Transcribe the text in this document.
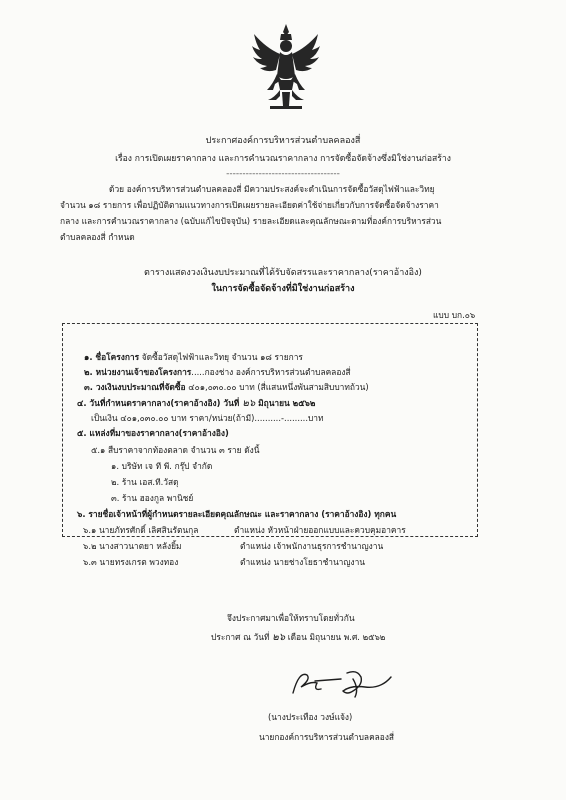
ประกาศองค์การบริหารส่วนตำบลคลองสี่
เรื่อง การเปิดเผยราคากลาง และการคำนวณราคากลาง การจัดซื้อจัดจ้างซึ่งมิใช่งานก่อสร้าง
-----------------------------------
ด้วย องค์การบริหารส่วนตำบลคลองสี่ มีความประสงค์จะดำเนินการจัดซื้อวัสดุไฟฟ้าและวิทยุ
จำนวน ๑๘ รายการ เพื่อปฏิบัติตามแนวทางการเปิดเผยรายละเอียดค่าใช้จ่ายเกี่ยวกับการจัดซื้อจัดจ้างราคา
กลาง และการคำนวณราคากลาง (ฉบับแก้ไขปัจจุบัน) รายละเอียดและคุณลักษณะตามที่องค์การบริหารส่วน
ตำบลคลองสี่ กำหนด
ตารางแสดงวงเงินงบประมาณที่ได้รับจัดสรรและราคากลาง(ราคาอ้างอิง)
ในการจัดซื้อจัดจ้างที่มิใช่งานก่อสร้าง
แบบ บก.๐๖
๑. ชื่อโครงการ จัดซื้อวัสดุไฟฟ้าและวิทยุ จำนวน ๑๘ รายการ
๒. หน่วยงานเจ้าของโครงการ.....กองช่าง องค์การบริหารส่วนตำบลคลองสี่
๓. วงเงินงบประมาณที่จัดซื้อ ๔๐๑,๐๓๐.๐๐ บาท (สี่แสนหนึ่งพันสามสิบบาทถ้วน)
๔. วันที่กำหนดราคากลาง(ราคาอ้างอิง) วันที่ ๒๖ มิถุนายน ๒๕๖๒
เป็นเงิน ๔๐๑,๐๓๐.๐๐ บาท ราคา/หน่วย(ถ้ามี)..........-.........บาท
๕. แหล่งที่มาของราคากลาง(ราคาอ้างอิง)
๕.๑ สืบราคาจากท้องตลาด จำนวน ๓ ราย ดังนี้
๑. บริษัท เจ ที พี. กรุ๊ป จำกัด
๒. ร้าน เอส.ที.วัสดุ
๓. ร้าน ฮองกูล พานิชย์
๖. รายชื่อเจ้าหน้าที่ผู้กำหนดรายละเอียดคุณลักษณะ และราคากลาง (ราคาอ้างอิง) ทุกคน
๖.๑ นายภัทรศักดิ์ เลิศสินรัตนกุล	ตำแหน่ง หัวหน้าฝ่ายออกแบบและควบคุมอาคาร
๖.๒ นางสาวนาตยา หลังยิ้ม	ตำแหน่ง เจ้าพนักงานธุรการชำนาญงาน
๖.๓ นายทรงเกรต พวงทอง	ตำแหน่ง นายช่างโยธาชำนาญงาน
จึงประกาศมาเพื่อให้ทราบโดยทั่วกัน
ประกาศ ณ วันที่ ๒๖ เดือน มิถุนายน พ.ศ. ๒๕๖๒
(นางประเทือง วงษ์แจ้ง)
นายกองค์การบริหารส่วนตำบลคลองสี่
